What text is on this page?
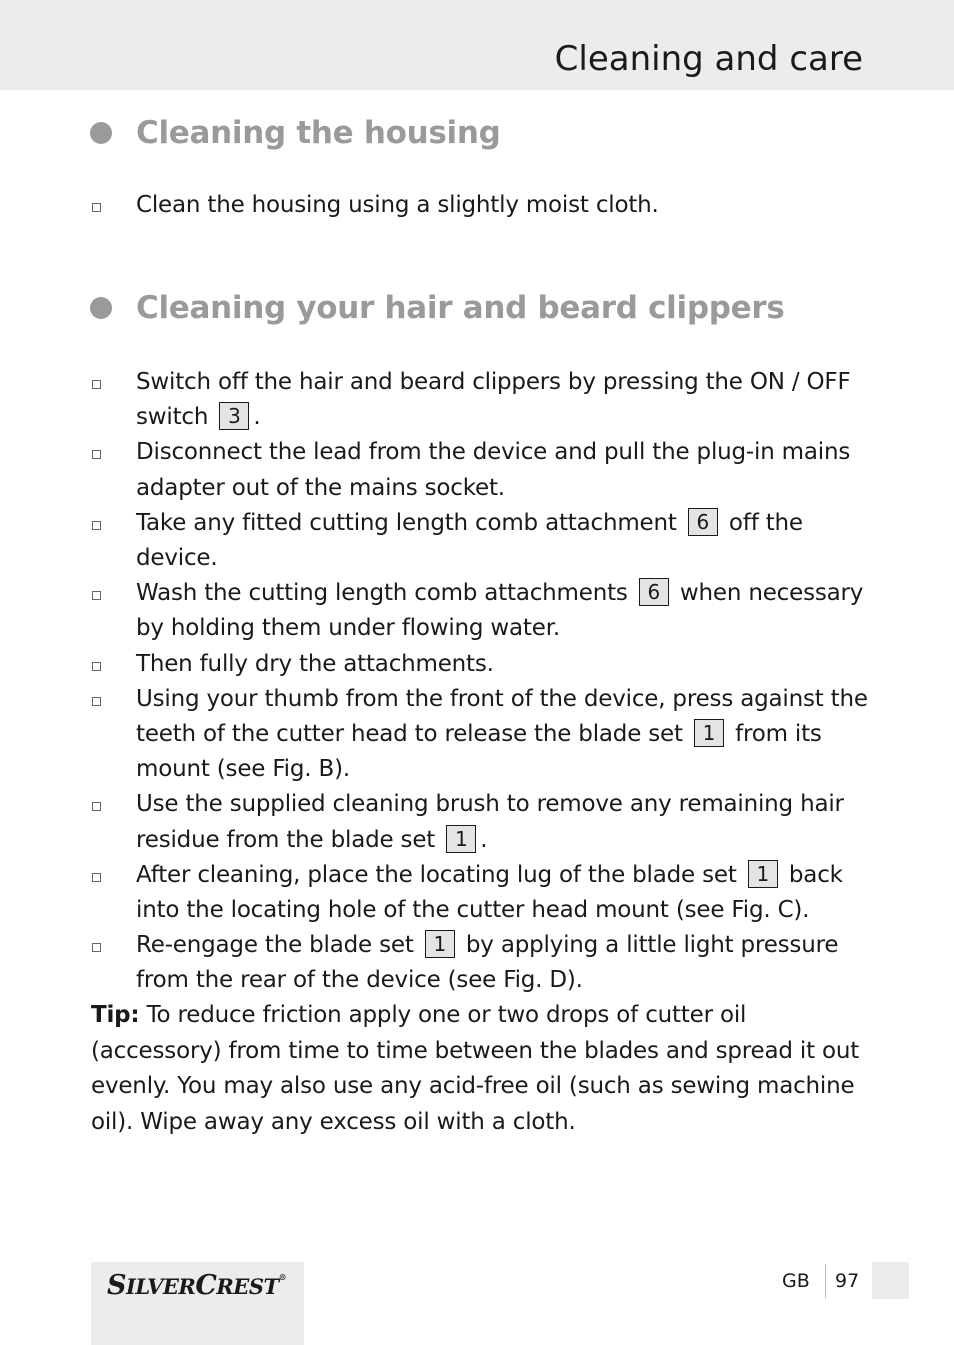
Cleaning and care
Cleaning the housing
Clean the housing using a slightly moist cloth.
Cleaning your hair and beard clippers
Switch off the hair and beard clippers by pressing the ON / OFF switch 3 .
Disconnect the lead from the device and pull the plug-in mains adapter out of the mains socket.
Take any fitted cutting length comb attachment 6 off the device.
Wash the cutting length comb attachments 6 when necessary by holding them under flowing water.
Then fully dry the attachments.
Using your thumb from the front of the device, press against the teeth of the cutter head to release the blade set 1 from its mount (see Fig. B).
Use the supplied cleaning brush to remove any remaining hair residue from the blade set 1 .
After cleaning, place the locating lug of the blade set 1 back into the locating hole of the cutter head mount (see Fig. C).
Re-engage the blade set 1 by applying a little light pressure from the rear of the device (see Fig. D).

Tip: To reduce friction apply one or two drops of cutter oil (accessory) from time to time between the blades and spread it out evenly. You may also use any acid-free oil (such as sewing machine oil). Wipe away any excess oil with a cloth.

SILVERCREST®	GB 97
